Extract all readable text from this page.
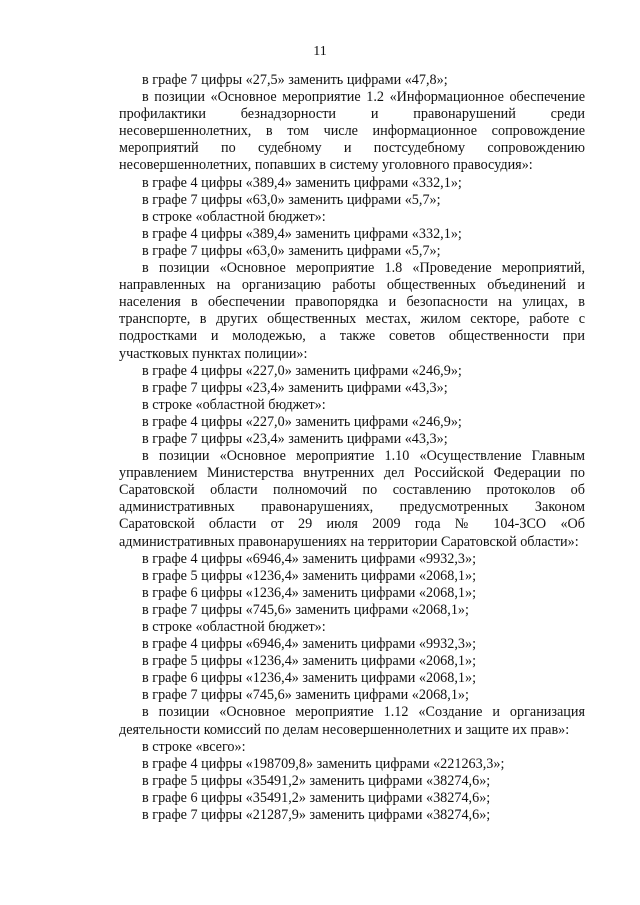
11

в графе 7 цифры «27,5» заменить цифрами «47,8»;

в позиции «Основное мероприятие 1.2 «Информационное обеспечение профилактики безнадзорности и правонарушений среди несовершеннолетних, в том числе информационное сопровождение мероприятий по судебному и постсудебному сопровождению несовершеннолетних, попавших в систему уголовного правосудия»:

в графе 4 цифры «389,4» заменить цифрами «332,1»;

в графе 7 цифры «63,0» заменить цифрами «5,7»;

в строке «областной бюджет»:

в графе 4 цифры «389,4» заменить цифрами «332,1»;

в графе 7 цифры «63,0» заменить цифрами «5,7»;

в позиции «Основное мероприятие 1.8 «Проведение мероприятий, направленных на организацию работы общественных объединений и населения в обеспечении правопорядка и безопасности на улицах, в транспорте, в других общественных местах, жилом секторе, работе с подростками и молодежью, а также советов общественности при участковых пунктах полиции»:

в графе 4 цифры «227,0» заменить цифрами «246,9»;

в графе 7 цифры «23,4» заменить цифрами «43,3»;

в строке «областной бюджет»:

в графе 4 цифры «227,0» заменить цифрами «246,9»;

в графе 7 цифры «23,4» заменить цифрами «43,3»;

в позиции «Основное мероприятие 1.10 «Осуществление Главным управлением Министерства внутренних дел Российской Федерации по Саратовской области полномочий по составлению протоколов об административных правонарушениях, предусмотренных Законом Саратовской области от 29 июля 2009 года № 104-ЗСО «Об административных правонарушениях на территории Саратовской области»:

в графе 4 цифры «6946,4» заменить цифрами «9932,3»;

в графе 5 цифры «1236,4» заменить цифрами «2068,1»;

в графе 6 цифры «1236,4» заменить цифрами «2068,1»;

в графе 7 цифры «745,6» заменить цифрами «2068,1»;

в строке «областной бюджет»:

в графе 4 цифры «6946,4» заменить цифрами «9932,3»;

в графе 5 цифры «1236,4» заменить цифрами «2068,1»;

в графе 6 цифры «1236,4» заменить цифрами «2068,1»;

в графе 7 цифры «745,6» заменить цифрами «2068,1»;

в позиции «Основное мероприятие 1.12 «Создание и организация деятельности комиссий по делам несовершеннолетних и защите их прав»:

в строке «всего»:

в графе 4 цифры «198709,8» заменить цифрами «221263,3»;

в графе 5 цифры «35491,2» заменить цифрами «38274,6»;

в графе 6 цифры «35491,2» заменить цифрами «38274,6»;

в графе 7 цифры «21287,9» заменить цифрами «38274,6»;
